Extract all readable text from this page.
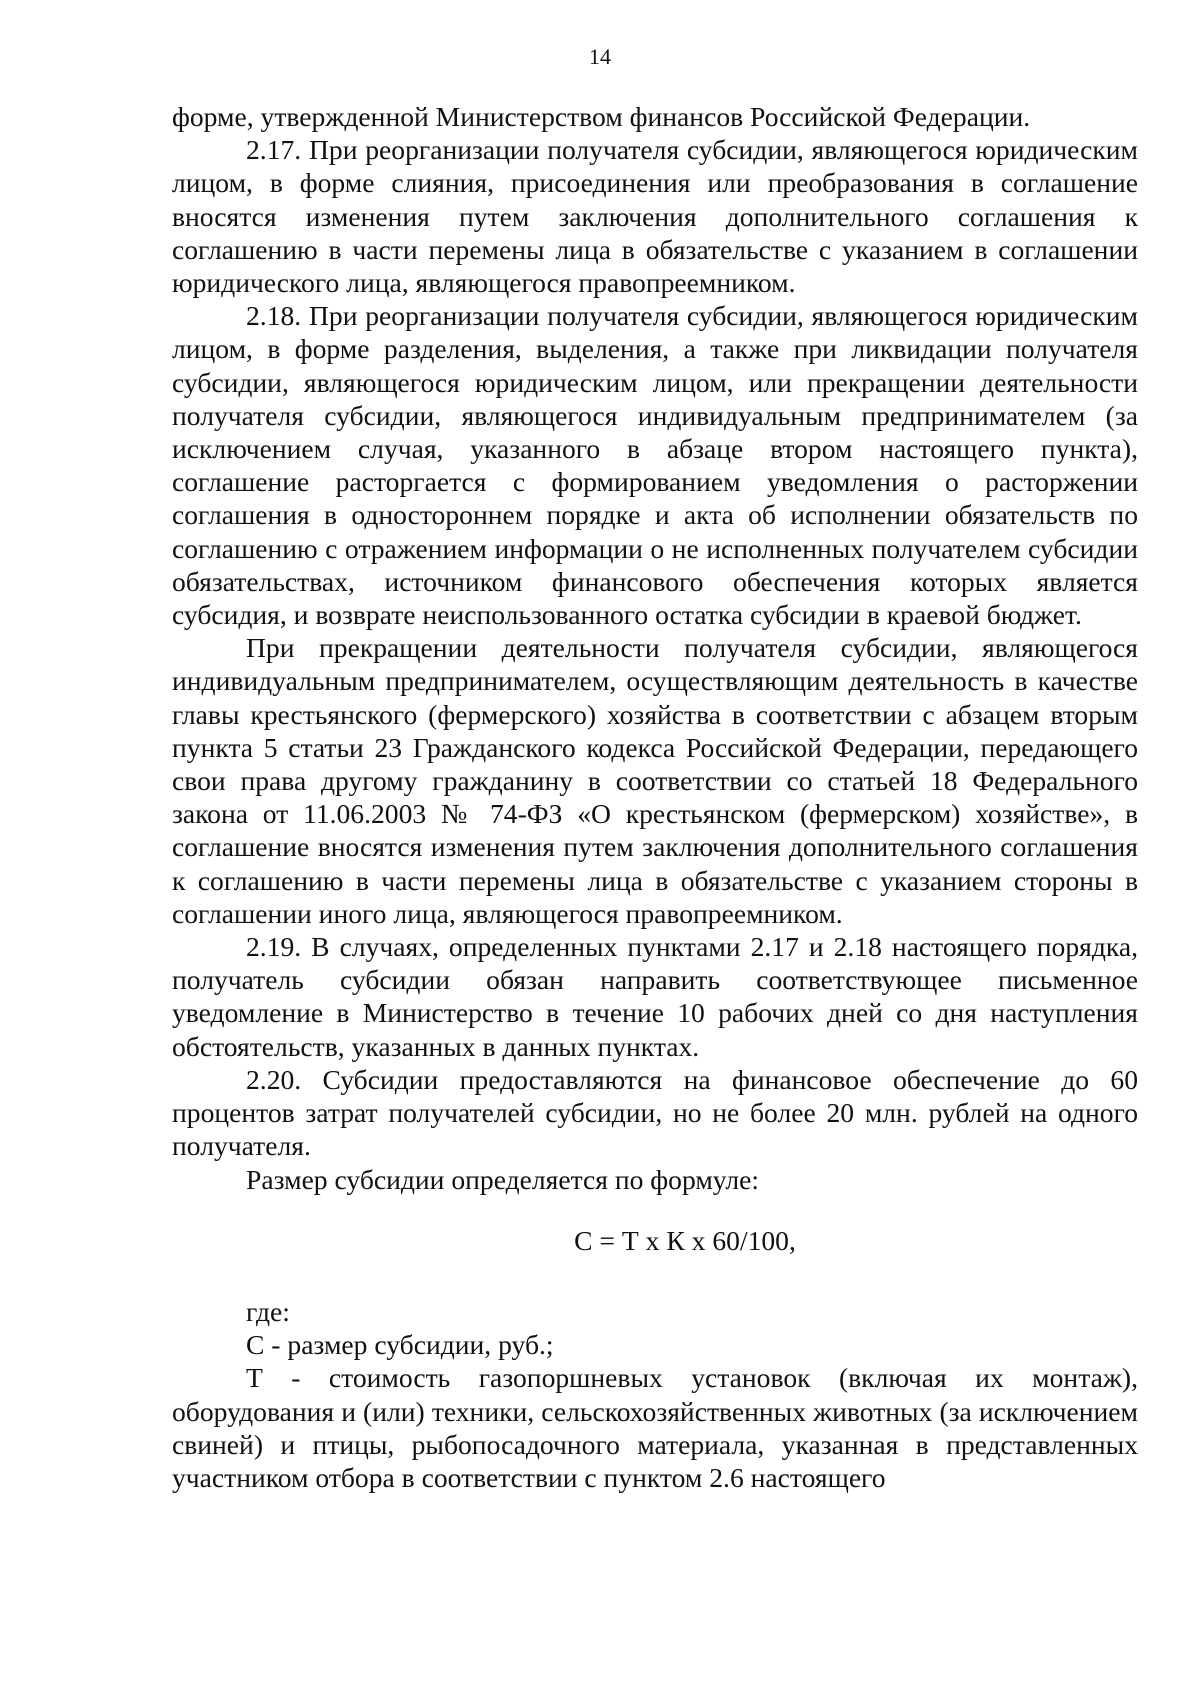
14

форме, утвержденной Министерством финансов Российской Федерации.

2.17. При реорганизации получателя субсидии, являющегося юридическим лицом, в форме слияния, присоединения или преобразования в соглашение вносятся изменения путем заключения дополнительного соглашения к соглашению в части перемены лица в обязательстве с указанием в соглашении юридического лица, являющегося правопреемником.

2.18. При реорганизации получателя субсидии, являющегося юридическим лицом, в форме разделения, выделения, а также при ликвидации получателя субсидии, являющегося юридическим лицом, или прекращении деятельности получателя субсидии, являющегося индивидуальным предпринимателем (за исключением случая, указанного в абзаце втором настоящего пункта), соглашение расторгается с формированием уведомления о расторжении соглашения в одностороннем порядке и акта об исполнении обязательств по соглашению с отражением информации о не исполненных получателем субсидии обязательствах, источником финансового обеспечения которых является субсидия, и возврате неиспользованного остатка субсидии в краевой бюджет.

При прекращении деятельности получателя субсидии, являющегося индивидуальным предпринимателем, осуществляющим деятельность в качестве главы крестьянского (фермерского) хозяйства в соответствии с абзацем вторым пункта 5 статьи 23 Гражданского кодекса Российской Федерации, передающего свои права другому гражданину в соответствии со статьей 18 Федерального закона от 11.06.2003 № 74-ФЗ «О крестьянском (фермерском) хозяйстве», в соглашение вносятся изменения путем заключения дополнительного соглашения к соглашению в части перемены лица в обязательстве с указанием стороны в соглашении иного лица, являющегося правопреемником.

2.19. В случаях, определенных пунктами 2.17 и 2.18 настоящего порядка, получатель субсидии обязан направить соответствующее письменное уведомление в Министерство в течение 10 рабочих дней со дня наступления обстоятельств, указанных в данных пунктах.

2.20. Субсидии предоставляются на финансовое обеспечение до 60 процентов затрат получателей субсидии, но не более 20 млн. рублей на одного получателя.

Размер субсидии определяется по формуле:

С = Т х К х 60/100,

где:

С - размер субсидии, руб.;

Т - стоимость газопоршневых установок (включая их монтаж), оборудования и (или) техники, сельскохозяйственных животных (за исключением свиней) и птицы, рыбопосадочного материала, указанная в представленных участником отбора в соответствии с пунктом 2.6 настоящего
